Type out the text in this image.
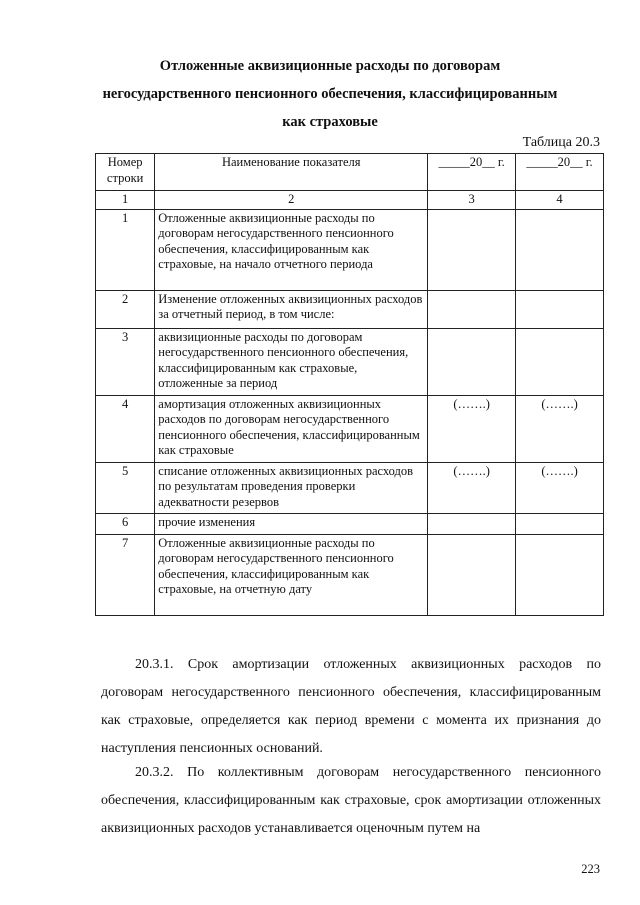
Отложенные аквизиционные расходы по договорам
негосударственного пенсионного обеспечения, классифицированным
как страховые
Таблица 20.3
Номер строки	Наименование показателя	_____20__ г.	_____20__ г.
1	2	3	4
1	Отложенные аквизиционные расходы по договорам негосударственного пенсионного обеспечения, классифицированным как страховые, на начало отчетного периода		
2	Изменение отложенных аквизиционных расходов за отчетный период, в том числе:		
3	аквизиционные расходы по договорам негосударственного пенсионного обеспечения, классифицированным как страховые, отложенные за период		
4	амортизация отложенных аквизиционных расходов по договорам негосударственного пенсионного обеспечения, классифицированным как страховые	(…….)	(…….)
5	списание отложенных аквизиционных расходов по результатам проведения проверки адекватности резервов	(…….)	(…….)
6	прочие изменения		
7	Отложенные аквизиционные расходы по договорам негосударственного пенсионного обеспечения, классифицированным как страховые, на отчетную дату		
20.3.1. Срок амортизации отложенных аквизиционных расходов по договорам негосударственного пенсионного обеспечения, классифицированным как страховые, определяется как период времени с момента их признания до наступления пенсионных оснований.
20.3.2. По коллективным договорам негосударственного пенсионного обеспечения, классифицированным как страховые, срок амортизации отложенных аквизиционных расходов устанавливается оценочным путем на
223
